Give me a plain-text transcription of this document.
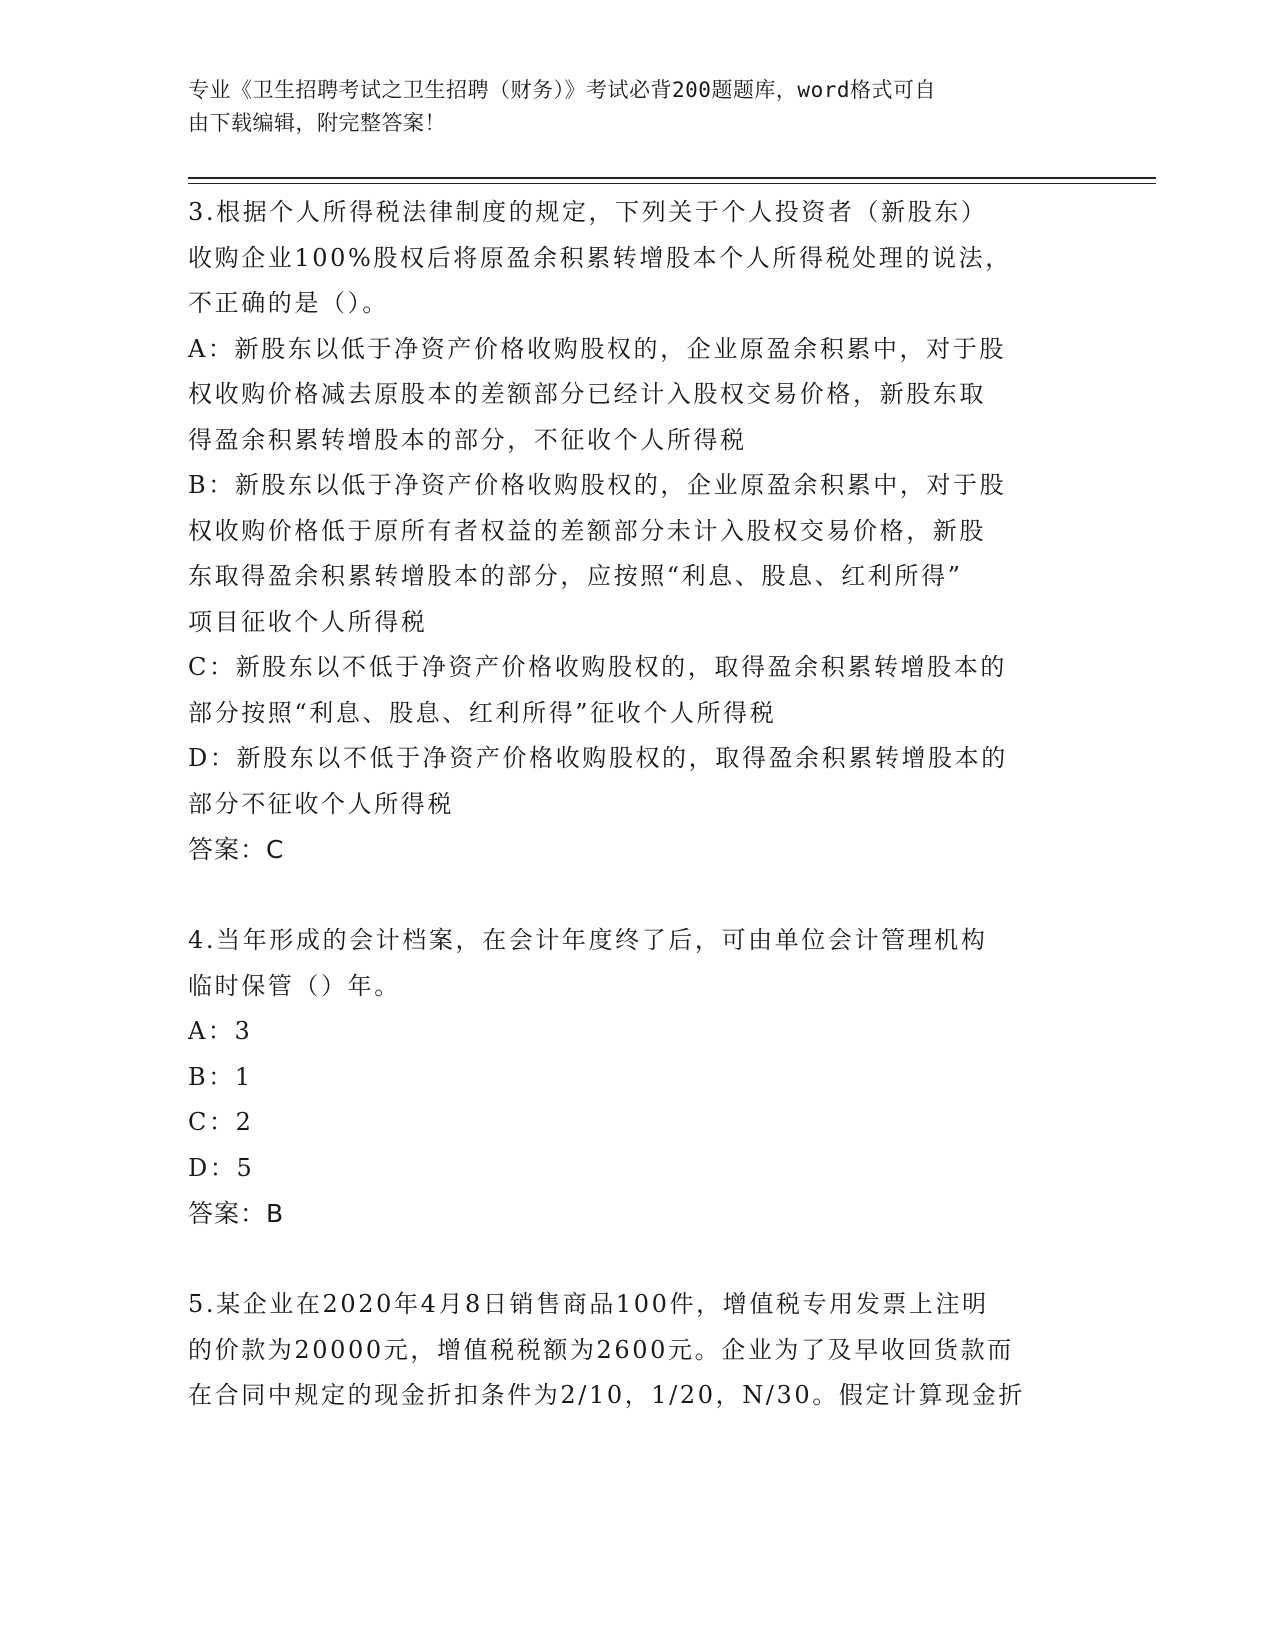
专业《卫生招聘考试之卫生招聘（财务）》考试必背200题题库，word格式可自
由下载编辑，附完整答案！
3.根据个人所得税法律制度的规定，下列关于个人投资者（新股东）
收购企业100%股权后将原盈余积累转增股本个人所得税处理的说法，
不正确的是（）。
A：新股东以低于净资产价格收购股权的，企业原盈余积累中，对于股
权收购价格减去原股本的差额部分已经计入股权交易价格，新股东取
得盈余积累转增股本的部分，不征收个人所得税
B：新股东以低于净资产价格收购股权的，企业原盈余积累中，对于股
权收购价格低于原所有者权益的差额部分未计入股权交易价格，新股
东取得盈余积累转增股本的部分，应按照“利息、股息、红利所得”
项目征收个人所得税
C：新股东以不低于净资产价格收购股权的，取得盈余积累转增股本的
部分按照“利息、股息、红利所得”征收个人所得税
D：新股东以不低于净资产价格收购股权的，取得盈余积累转增股本的
部分不征收个人所得税
答案：C
4.当年形成的会计档案，在会计年度终了后，可由单位会计管理机构
临时保管（）年。
A：3
B：1
C：2
D：5
答案：B
5.某企业在2020年4月8日销售商品100件，增值税专用发票上注明
的价款为20000元，增值税税额为2600元。企业为了及早收回货款而
在合同中规定的现金折扣条件为2/10，1/20，N/30。假定计算现金折
